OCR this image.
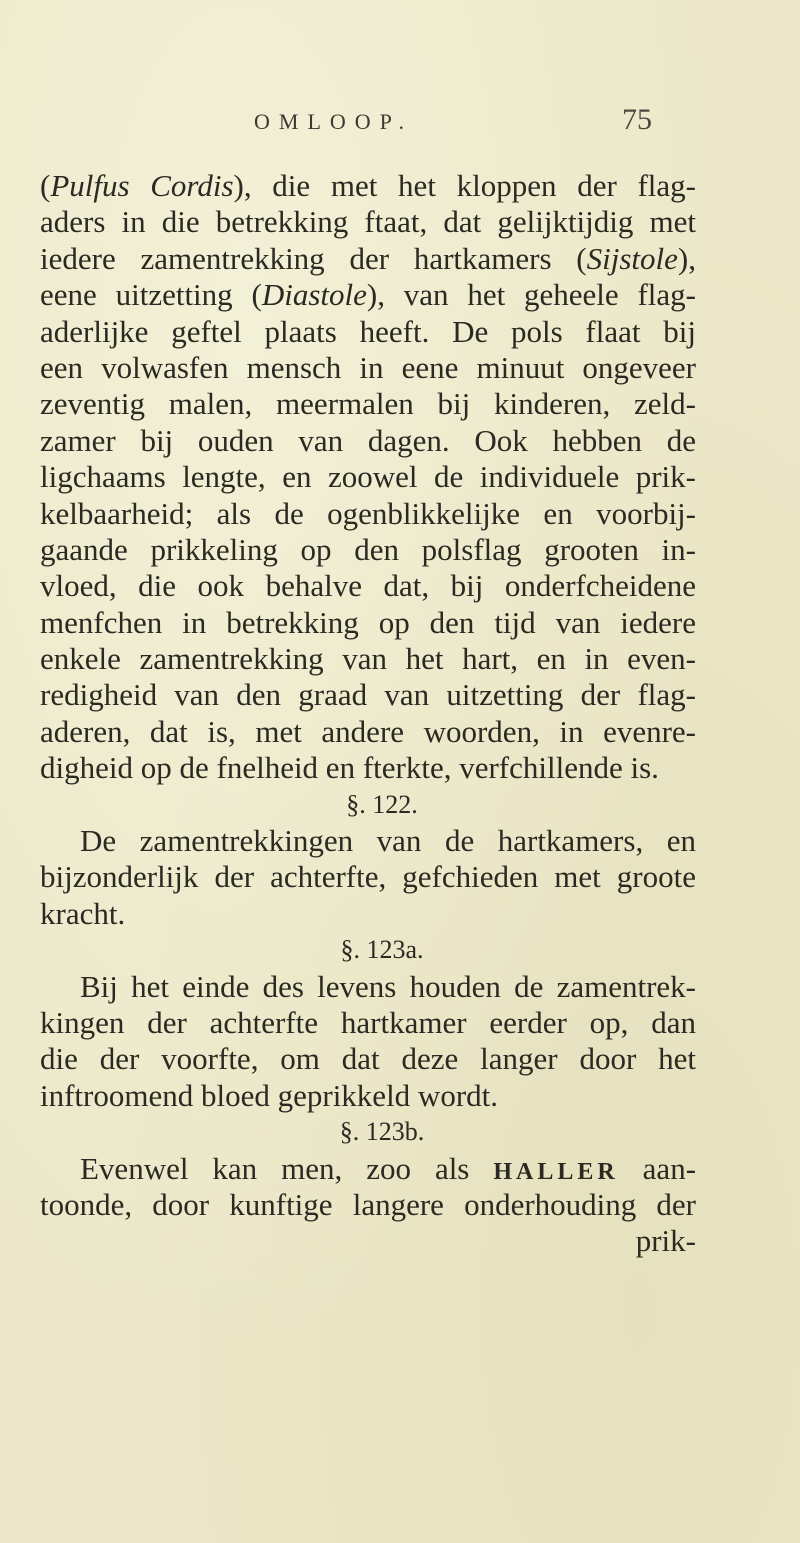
OMLOOP.	75
(Pulfus Cordis), die met het kloppen der flag-
aders in die betrekking ftaat, dat gelijktijdig met
iedere zamentrekking der hartkamers (Sijstole),
eene uitzetting (Diastole), van het geheele flag-
aderlijke geftel plaats heeft. De pols flaat bij
een volwasfen mensch in eene minuut ongeveer
zeventig malen, meermalen bij kinderen, zeld-
zamer bij ouden van dagen. Ook hebben de
ligchaams lengte, en zoowel de individuele prik-
kelbaarheid; als de ogenblikkelijke en voorbij-
gaande prikkeling op den polsflag grooten in-
vloed, die ook behalve dat, bij onderfcheidene
menfchen in betrekking op den tijd van iedere
enkele zamentrekking van het hart, en in even-
redigheid van den graad van uitzetting der flag-
aderen, dat is, met andere woorden, in evenre-
digheid op de fnelheid en fterkte, verfchillende is.
§. 122.
De zamentrekkingen van de hartkamers, en
bijzonderlijk der achterfte, gefchieden met groote
kracht.
§. 123a.
Bij het einde des levens houden de zamentrek-
kingen der achterfte hartkamer eerder op, dan
die der voorfte, om dat deze langer door het
inftroomend bloed geprikkeld wordt.
§. 123b.
Evenwel kan men, zoo als HALLER aan-
toonde, door kunftige langere onderhouding der
prik-
